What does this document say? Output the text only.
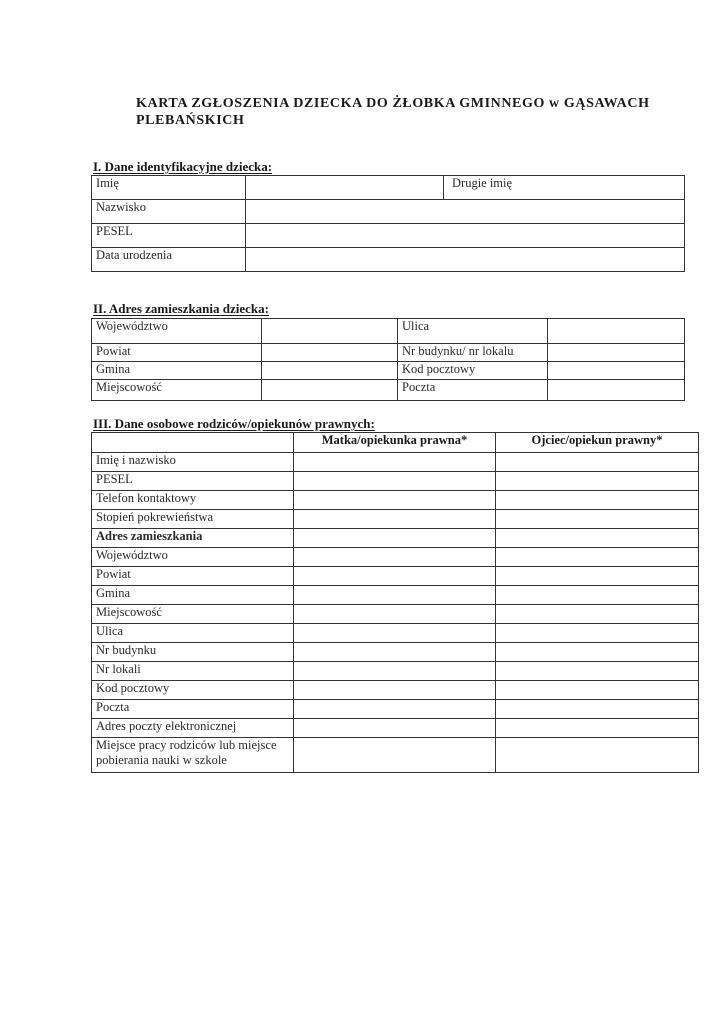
KARTA ZGŁOSZENIA DZIECKA DO ŻŁOBKA GMINNEGO w GĄSAWACH PLEBAŃSKICH
I. Dane identyfikacyjne dziecka:
Imię		Drugie imię
Nazwisko		
PESEL		
Data urodzenia		
II. Adres zamieszkania dziecka:
Województwo		Ulica	
Powiat		Nr budynku/ nr lokalu	
Gmina		Kod pocztowy	
Miejscowość		Poczta	
III. Dane osobowe rodziców/opiekunów prawnych:
	Matka/opiekunka prawna*	Ojciec/opiekun prawny*
Imię i nazwisko		
PESEL		
Telefon kontaktowy		
Stopień pokrewieństwa		
Adres zamieszkania		
Województwo		
Powiat		
Gmina		
Miejscowość		
Ulica		
Nr budynku		
Nr lokali		
Kod pocztowy		
Poczta		
Adres poczty elektronicznej		
Miejsce pracy rodziców lub miejsce pobierania nauki w szkole		
